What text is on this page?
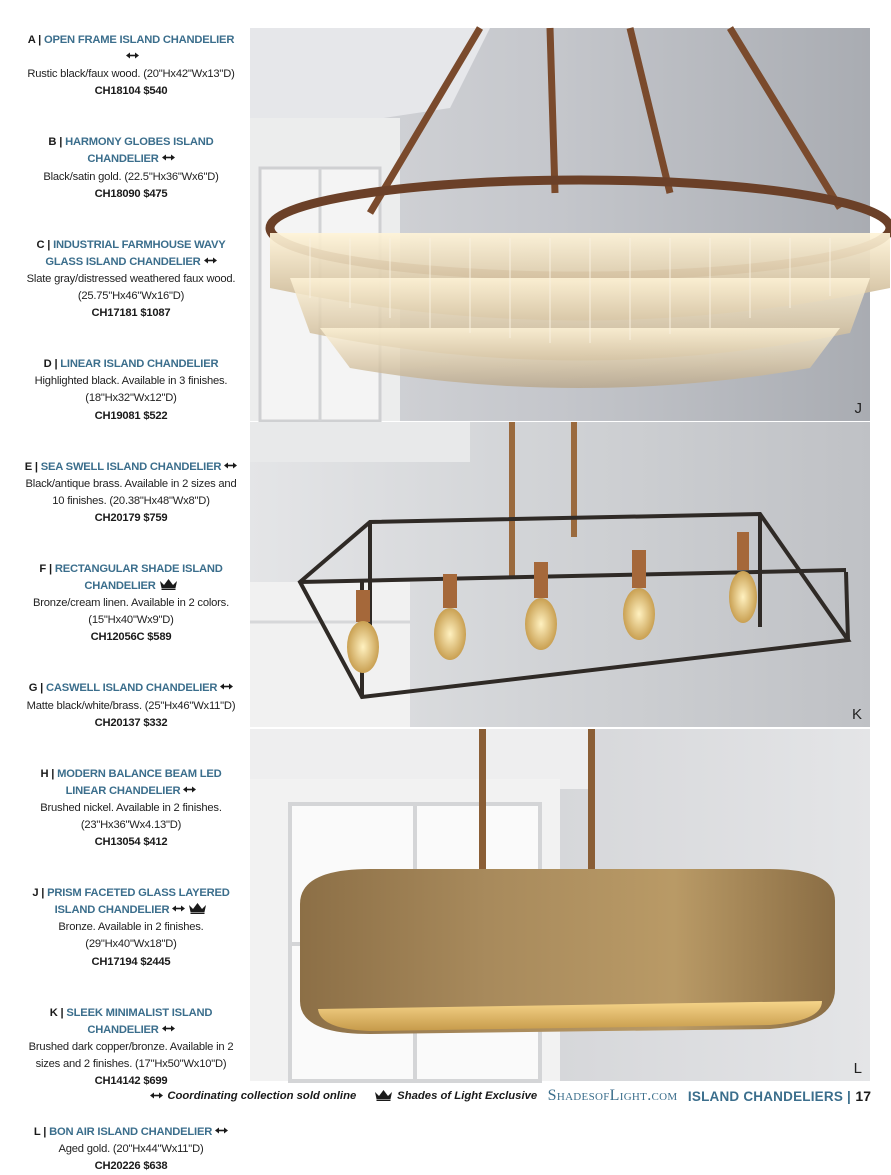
A | OPEN FRAME ISLAND CHANDELIER
Rustic black/faux wood. (20"Hx42"Wx13"D)
CH18104 $540
B | HARMONY GLOBES ISLAND CHANDELIER
Black/satin gold. (22.5"Hx36"Wx6"D)
CH18090 $475
C | INDUSTRIAL FARMHOUSE WAVY GLASS ISLAND CHANDELIER
Slate gray/distressed weathered faux wood. (25.75"Hx46"Wx16"D)
CH17181 $1087
D | LINEAR ISLAND CHANDELIER
Highlighted black. Available in 3 finishes. (18"Hx32"Wx12"D)
CH19081 $522
E | SEA SWELL ISLAND CHANDELIER
Black/antique brass. Available in 2 sizes and 10 finishes. (20.38"Hx48"Wx8"D)
CH20179 $759
F | RECTANGULAR SHADE ISLAND CHANDELIER
Bronze/cream linen. Available in 2 colors. (15"Hx40"Wx9"D)
CH12056C $589
G | CASWELL ISLAND CHANDELIER
Matte black/white/brass. (25"Hx46"Wx11"D)
CH20137 $332
H | MODERN BALANCE BEAM LED LINEAR CHANDELIER
Brushed nickel. Available in 2 finishes. (23"Hx36"Wx4.13"D)
CH13054 $412
J | PRISM FACETED GLASS LAYERED ISLAND CHANDELIER
Bronze. Available in 2 finishes. (29"Hx40"Wx18"D)
CH17194 $2445
K | SLEEK MINIMALIST ISLAND CHANDELIER
Brushed dark copper/bronze. Available in 2 sizes and 2 finishes. (17"Hx50"Wx10"D)
CH14142 $699
L | BON AIR ISLAND CHANDELIER
Aged gold. (20"Hx44"Wx11"D)
CH20226 $638
J
K
L
Coordinating collection sold online	Shades of Light Exclusive ShadesofLight.com ISLAND CHANDELIERS | 17
